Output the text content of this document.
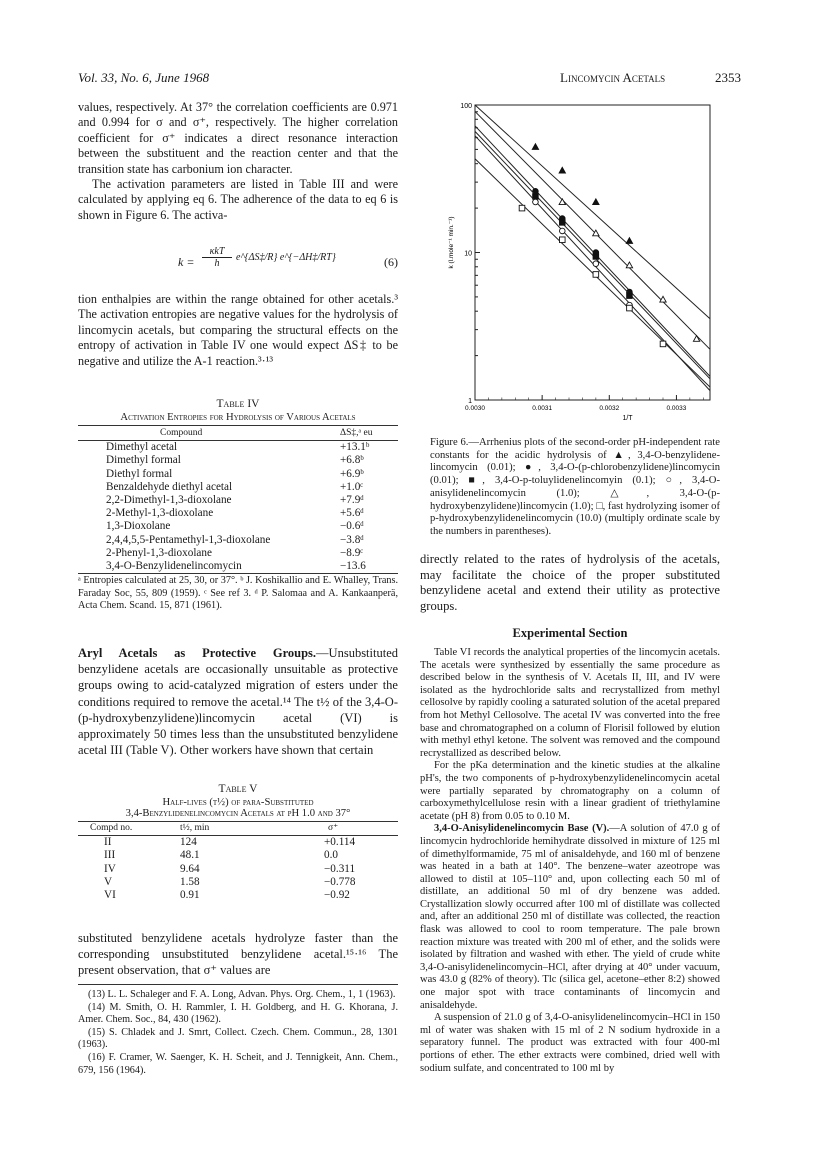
Vol. 33, No. 6, June 1968	Lincomycin Acetals	2353

values, respectively. At 37° the correlation coefficients are 0.971 and 0.994 for σ and σ⁺, respectively. The higher correlation coefficient for σ⁺ indicates a direct resonance interaction between the substituent and the reaction center and that the transition state has carbonium ion character.

The activation parameters are listed in Table III and were calculated by applying eq 6. The adherence of the data to eq 6 is shown in Figure 6. The activa-

k =
κkT
h
e^{ΔS‡/R} e^{−ΔH‡/RT}	(6)

tion enthalpies are within the range obtained for other acetals.³ The activation entropies are negative values for the hydrolysis of lincomycin acetals, but comparing the structural effects on the entropy of activation in Table IV one would expect ΔS‡ to be negative and utilize the A-1 reaction.³·¹³

Table IV

Activation Entropies for Hydrolysis of Various Acetals

Compound	ΔS‡,ᵃ eu
Dimethyl acetal	+13.1ᵇ
Dimethyl formal	+6.8ᵇ
Diethyl formal	+6.9ᵇ
Benzaldehyde diethyl acetal	+1.0ᶜ
2,2-Dimethyl-1,3-dioxolane	+7.9ᵈ
2-Methyl-1,3-dioxolane	+5.6ᵈ
1,3-Dioxolane	−0.6ᵈ
2,4,4,5,5-Pentamethyl-1,3-dioxolane	−3.8ᵈ
2-Phenyl-1,3-dioxolane	−8.9ᶜ
3,4-O-Benzylidenelincomycin	−13.6
ᵃ Entropies calculated at 25, 30, or 37°. ᵇ J. Koshikallio and E. Whalley, Trans. Faraday Soc, 55, 809 (1959). ᶜ See ref 3. ᵈ P. Salomaa and A. Kankaanperä, Acta Chem. Scand. 15, 871 (1961).

Aryl Acetals as Protective Groups.—Unsubstituted benzylidene acetals are occasionally unsuitable as protective groups owing to acid-catalyzed migration of esters under the conditions required to remove the acetal.¹⁴ The t½ of the 3,4-O-(p-hydroxybenzylidene)lincomycin acetal (VI) is approximately 50 times less than the unsubstituted benzylidene acetal III (Table V). Other workers have shown that certain

Table V

Half-lives (t½) of para-Substituted

3,4-Benzylidenelincomycin Acetals at pH 1.0 and 37°

Compd no.	t½, min	σ⁺
II	124	+0.114
III	48.1	0.0
IV	9.64	−0.311
V	1.58	−0.778
VI	0.91	−0.92

substituted benzylidene acetals hydrolyze faster than the corresponding unsubstituted benzylidene acetal.¹⁵·¹⁶ The present observation, that σ⁺ values are

(13) L. L. Schaleger and F. A. Long, Advan. Phys. Org. Chem., 1, 1 (1963).
(14) M. Smith, O. H. Rammler, I. H. Goldberg, and H. G. Khorana, J. Amer. Chem. Soc., 84, 430 (1962).
(15) S. Chladek and J. Smrt, Collect. Czech. Chem. Commun., 28, 1301 (1963).
(16) F. Cramer, W. Saenger, K. H. Scheit, and J. Tennigkeit, Ann. Chem., 679, 156 (1964).
100
10
1
0.0030	0.0031	0.0032	0.0033
1/T
k (l.mole⁻¹ min.⁻¹)
Figure 6.—Arrhenius plots of the second-order pH-independent rate constants for the acidic hydrolysis of ▲, 3,4-O-benzylidene-lincomycin (0.01); ●, 3,4-O-(p-chlorobenzylidene)lincomycin (0.01); ■, 3,4-O-p-toluylidenelincomyin (0.1); ○, 3,4-O-anisylidenelincomycin (1.0); △, 3,4-O-(p-hydroxybenzylidene)lincomycin (1.0); □, fast hydrolyzing isomer of p-hydroxybenzylidenelincomycin (10.0) (multiply ordinate scale by the numbers in parentheses).

directly related to the rates of hydrolysis of the acetals, may facilitate the choice of the proper substituted benzylidene acetal and extend their utility as protective groups.

Experimental Section

Table VI records the analytical properties of the lincomycin acetals. The acetals were synthesized by essentially the same procedure as described below in the synthesis of V. Acetals II, III, and IV were isolated as the hydrochloride salts and recrystallized from methyl cellosolve by rapidly cooling a saturated solution of the acetal prepared from hot Methyl Cellosolve. The acetal IV was converted into the free base and chromatographed on a column of Florisil followed by elution with methyl ethyl ketone. The solvent was removed and the compound recrystallized as described below.

For the pKa determination and the kinetic studies at the alkaline pH's, the two components of p-hydroxybenzylidenelincomycin acetal were partially separated by chromatography on a column of carboxymethylcellulose resin with a linear gradient of triethylamine acetate (pH 8) from 0.05 to 0.10 M.

3,4-O-Anisylidenelincomycin Base (V).—A solution of 47.0 g of lincomycin hydrochloride hemihydrate dissolved in mixture of 125 ml of dimethylformamide, 75 ml of anisaldehyde, and 160 ml of benzene was heated in a bath at 140°. The benzene–water azeotrope was allowed to distil at 105–110° and, upon collecting each 50 ml of distillate, an additional 50 ml of dry benzene was added. Crystallization slowly occurred after 100 ml of distillate was collected and, after an additional 250 ml of distillate was collected, the reaction flask was allowed to cool to room temperature. The pale brown reaction mixture was treated with 200 ml of ether, and the solids were isolated by filtration and washed with ether. The yield of crude white 3,4-O-anisylidenelincomycin–HCl, after drying at 40° under vacuum, was 43.0 g (82% of theory). Tlc (silica gel, acetone–ether 8:2) showed one major spot with trace contaminants of lincomycin and anisaldehyde.

A suspension of 21.0 g of 3,4-O-anisylidenelincomycin–HCl in 150 ml of water was shaken with 15 ml of 2 N sodium hydroxide in a separatory funnel. The product was extracted with four 400-ml portions of ether. The ether extracts were combined, dried well with sodium sulfate, and concentrated to 100 ml by
